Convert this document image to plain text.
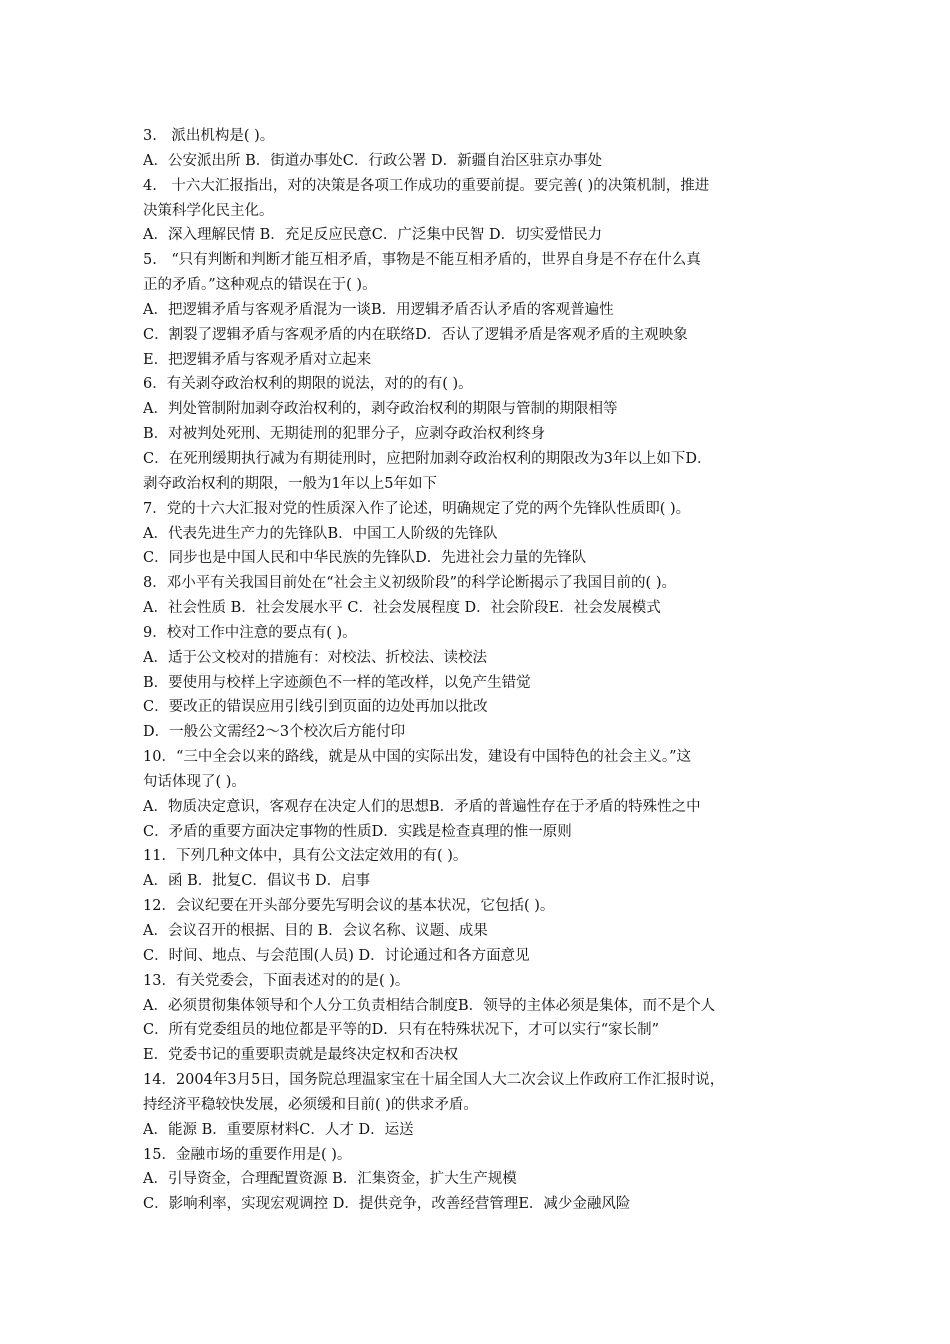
3.　派出机构是( )。
A．公安派出所 B．街道办事处C．行政公署 D．新疆自治区驻京办事处
4.　十六大汇报指出，对的决策是各项工作成功的重要前提。要完善( )的决策机制，推进
决策科学化民主化。
A．深入理解民情 B．充足反应民意C．广泛集中民智 D．切实爱惜民力
5.　“只有判断和判断才能互相矛盾，事物是不能互相矛盾的，世界自身是不存在什么真
正的矛盾。”这种观点的错误在于( )。
A．把逻辑矛盾与客观矛盾混为一谈B．用逻辑矛盾否认矛盾的客观普遍性
C．割裂了逻辑矛盾与客观矛盾的内在联络D．否认了逻辑矛盾是客观矛盾的主观映象
E．把逻辑矛盾与客观矛盾对立起来
6．有关剥夺政治权利的期限的说法，对的的有( )。
A．判处管制附加剥夺政治权利的，剥夺政治权利的期限与管制的期限相等
B．对被判处死刑、无期徒刑的犯罪分子，应剥夺政治权利终身
C．在死刑缓期执行减为有期徒刑时，应把附加剥夺政治权利的期限改为3年以上如下D．
剥夺政治权利的期限，一般为1年以上5年如下
7．党的十六大汇报对党的性质深入作了论述，明确规定了党的两个先锋队性质即( )。
A．代表先进生产力的先锋队B．中国工人阶级的先锋队
C．同步也是中国人民和中华民族的先锋队D．先进社会力量的先锋队
8．邓小平有关我国目前处在“社会主义初级阶段”的科学论断揭示了我国目前的( )。
A．社会性质 B．社会发展水平 C．社会发展程度 D．社会阶段E．社会发展模式
9．校对工作中注意的要点有( )。
A．适于公文校对的措施有：对校法、折校法、读校法
B．要使用与校样上字迹颜色不一样的笔改样，以免产生错觉
C．要改正的错误应用引线引到页面的边处再加以批改
D．一般公文需经2～3个校次后方能付印
10．“三中全会以来的路线，就是从中国的实际出发，建设有中国特色的社会主义。”这
句话体现了( )。
A．物质决定意识，客观存在决定人们的思想B．矛盾的普遍性存在于矛盾的特殊性之中
C．矛盾的重要方面决定事物的性质D．实践是检查真理的惟一原则
11．下列几种文体中，具有公文法定效用的有( )。
A．函 B．批复C．倡议书 D．启事
12．会议纪要在开头部分要先写明会议的基本状况，它包括( )。
A．会议召开的根据、目的 B．会议名称、议题、成果
C．时间、地点、与会范围(人员) D．讨论通过和各方面意见
13．有关党委会，下面表述对的的是( )。
A．必须贯彻集体领导和个人分工负责相结合制度B．领导的主体必须是集体，而不是个人
C．所有党委组员的地位都是平等的D．只有在特殊状况下，才可以实行“家长制”
E．党委书记的重要职责就是最终决定权和否决权
14．2004年3月5日，国务院总理温家宝在十届全国人大二次会议上作政府工作汇报时说，
持经济平稳较快发展，必须缓和目前( )的供求矛盾。
A．能源 B．重要原材料C．人才 D．运送
15．金融市场的重要作用是( )。
A．引导资金，合理配置资源 B．汇集资金，扩大生产规模
C．影响利率，实现宏观调控 D．提供竞争，改善经营管理E．减少金融风险
